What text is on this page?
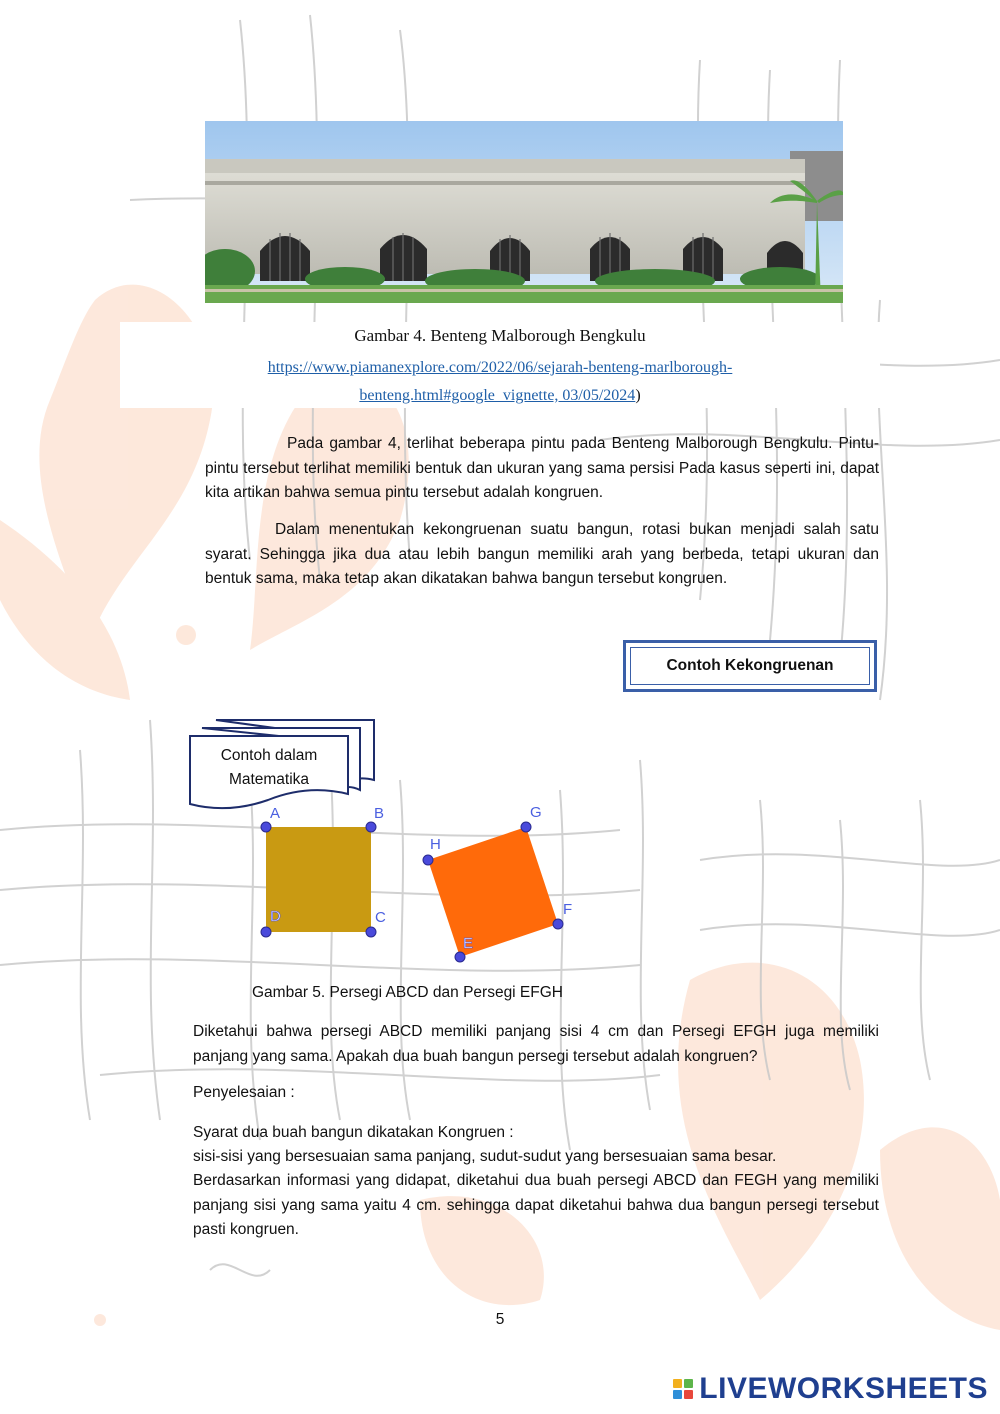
Gambar 4. Benteng Malborough Bengkulu
https://www.piamanexplore.com/2022/06/sejarah-benteng-marlborough-
benteng.html#google_vignette, 03/05/2024)
Pada gambar 4, terlihat beberapa pintu pada Benteng Malborough Bengkulu. Pintu-pintu tersebut terlihat memiliki bentuk dan ukuran yang sama persisi Pada kasus seperti ini, dapat kita artikan bahwa semua pintu tersebut adalah kongruen.
Dalam menentukan kekongruenan suatu bangun, rotasi bukan menjadi salah satu syarat. Sehingga jika dua atau lebih bangun memiliki arah yang berbeda, tetapi ukuran dan bentuk sama, maka tetap akan dikatakan bahwa bangun tersebut kongruen.
Contoh Kekongruenan
Contoh dalam
Matematika
A	B
C
D
E
F
G
H
Gambar 5. Persegi ABCD dan Persegi EFGH
Diketahui bahwa persegi ABCD memiliki panjang sisi 4 cm dan Persegi EFGH juga memiliki panjang yang sama. Apakah dua buah bangun persegi tersebut adalah kongruen?
Penyelesaian :
Syarat dua buah bangun dikatakan Kongruen :
sisi-sisi yang bersesuaian sama panjang, sudut-sudut yang bersesuaian sama besar.
Berdasarkan informasi yang didapat, diketahui dua buah persegi ABCD dan FEGH yang memiliki panjang sisi yang sama yaitu 4 cm. sehingga dapat diketahui bahwa dua bangun persegi tersebut pasti kongruen.
5
LIVEWORKSHEETS
